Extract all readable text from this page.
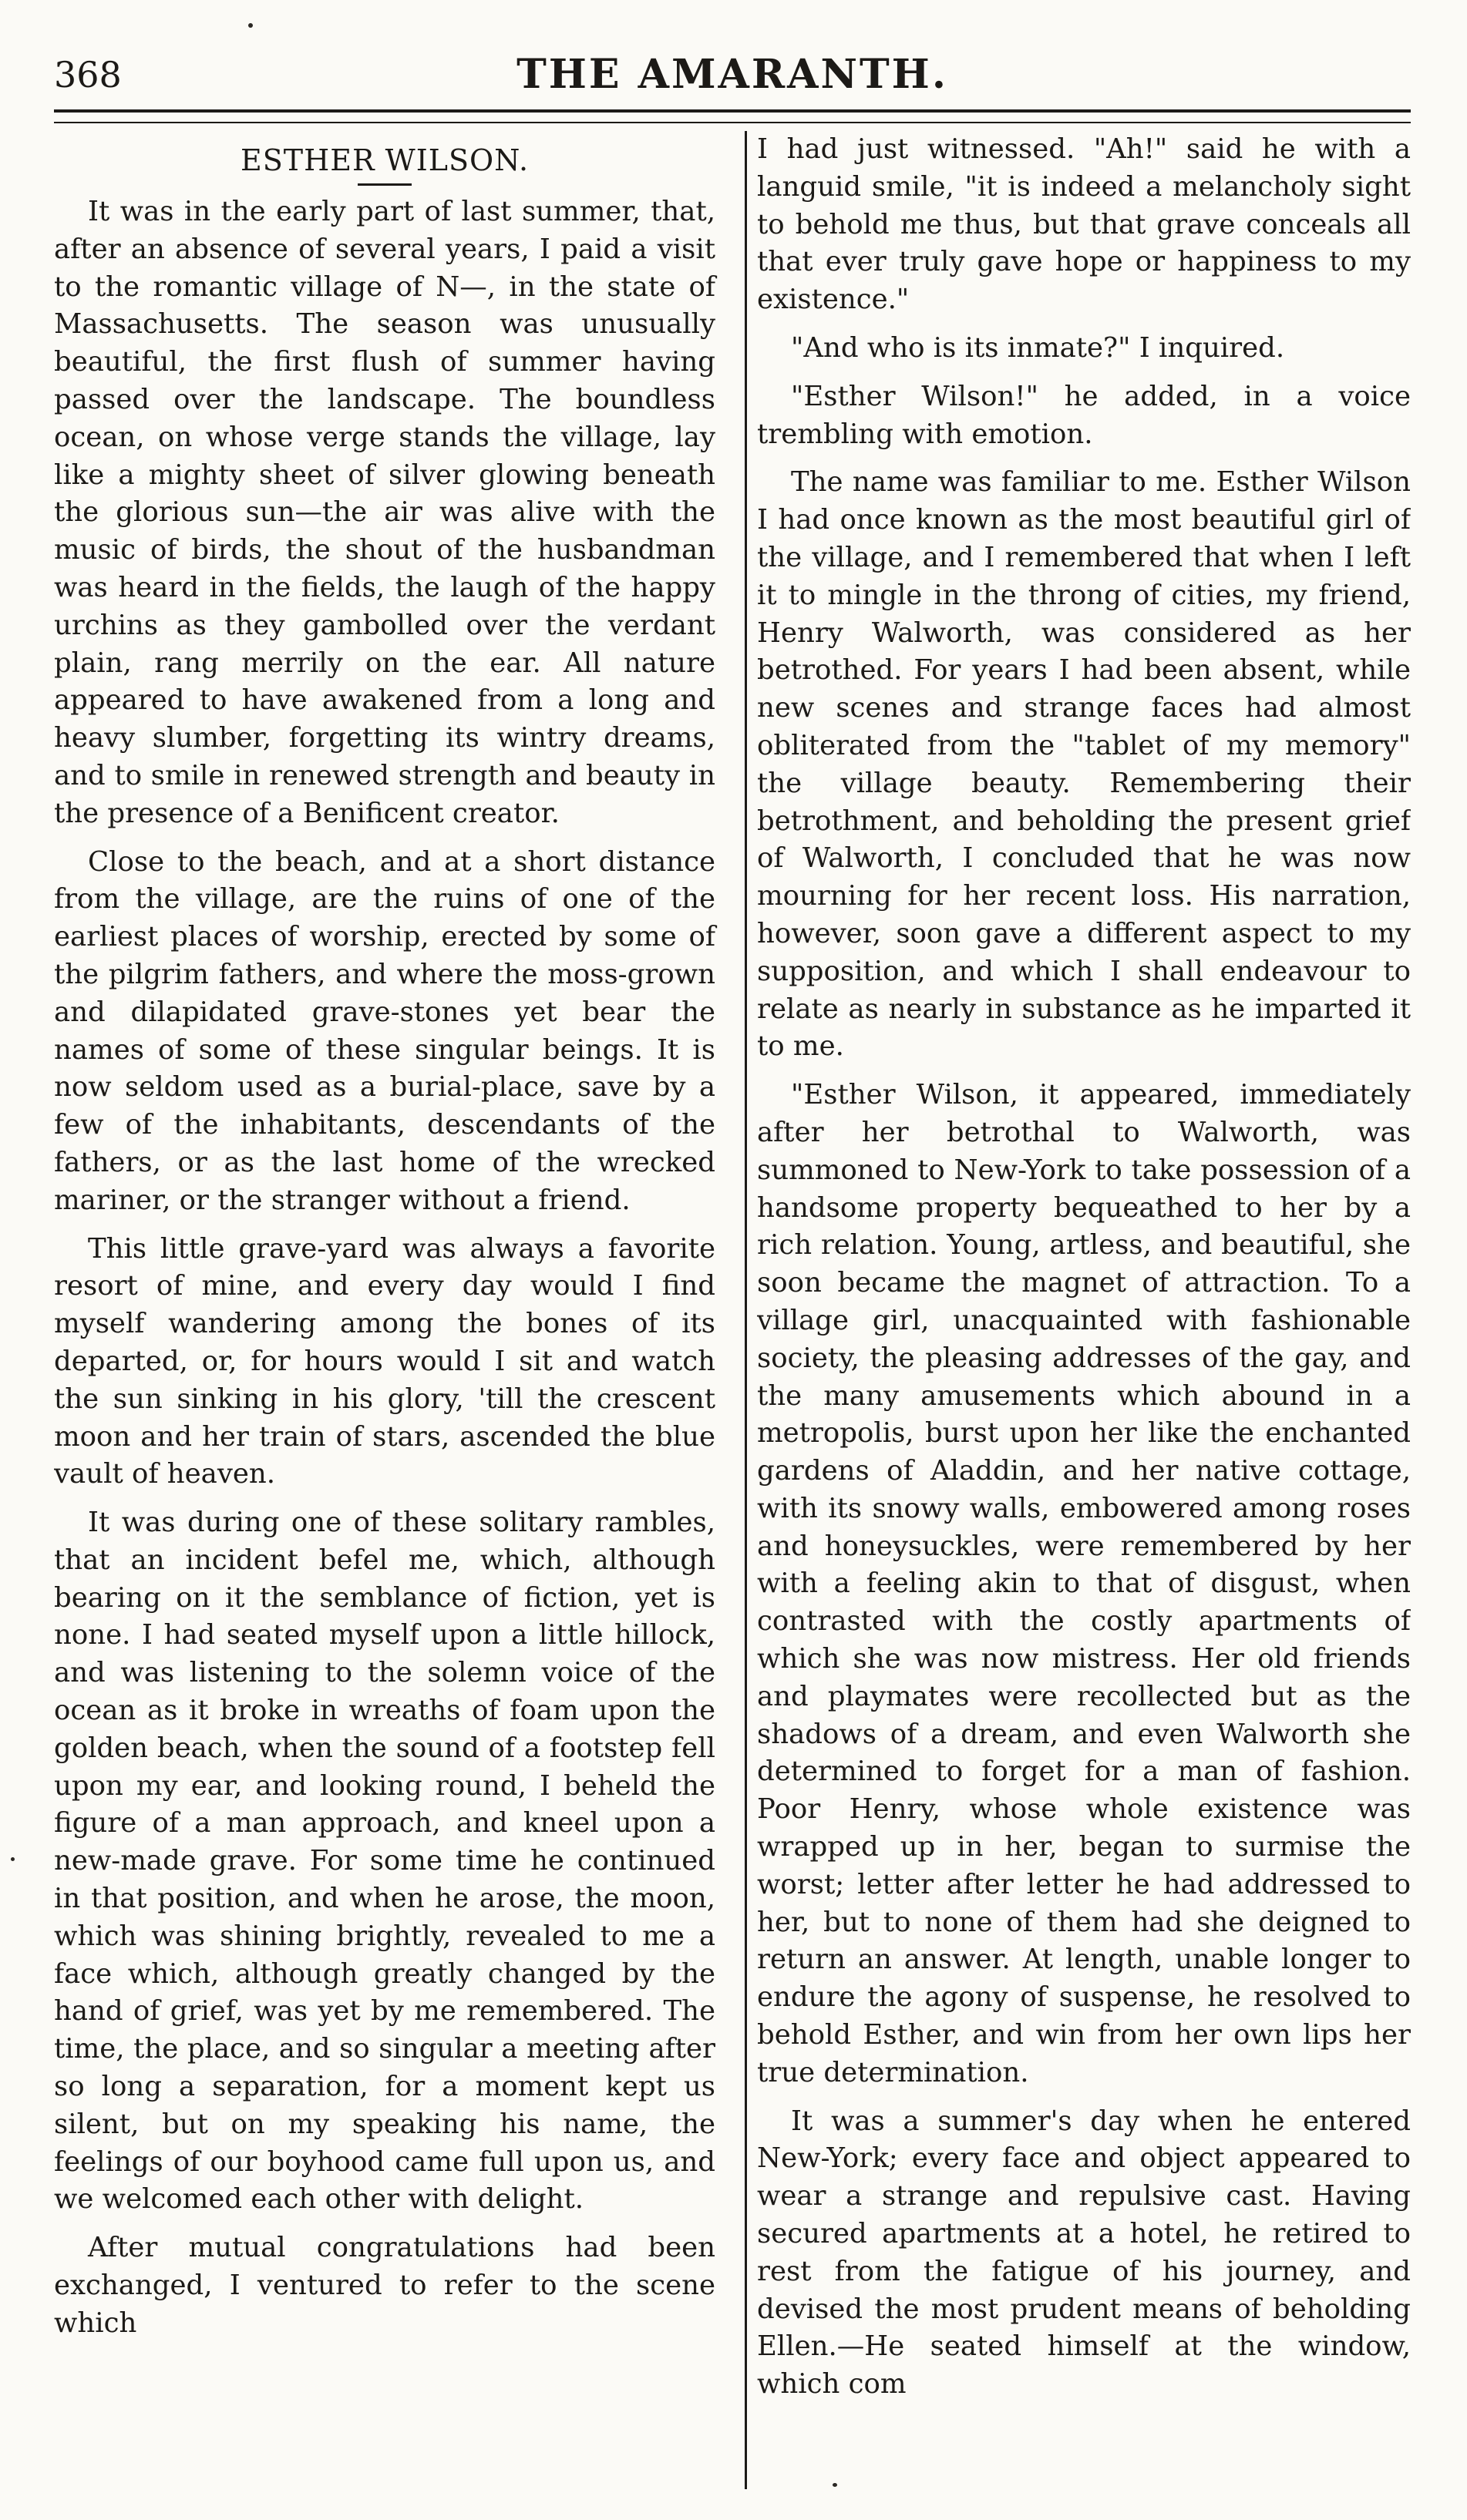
368	THE AMARANTH.
ESTHER WILSON.

It was in the early part of last summer, that, after an absence of several years, I paid a visit to the romantic village of N—, in the state of Massachusetts. The season was unusually beautiful, the first flush of summer having passed over the landscape. The boundless ocean, on whose verge stands the village, lay like a mighty sheet of silver glowing beneath the glorious sun—the air was alive with the music of birds, the shout of the husbandman was heard in the fields, the laugh of the happy urchins as they gambolled over the verdant plain, rang merrily on the ear. All nature appeared to have awakened from a long and heavy slumber, forgetting its wintry dreams, and to smile in renewed strength and beauty in the presence of a Benificent creator.

Close to the beach, and at a short distance from the village, are the ruins of one of the earliest places of worship, erected by some of the pilgrim fathers, and where the moss-grown and dilapidated grave-stones yet bear the names of some of these singular beings. It is now seldom used as a burial-place, save by a few of the inhabitants, descendants of the fathers, or as the last home of the wrecked mariner, or the stranger without a friend.

This little grave-yard was always a favorite resort of mine, and every day would I find myself wandering among the bones of its departed, or, for hours would I sit and watch the sun sinking in his glory, 'till the crescent moon and her train of stars, ascended the blue vault of heaven.

It was during one of these solitary rambles, that an incident befel me, which, although bearing on it the semblance of fiction, yet is none. I had seated myself upon a little hillock, and was listening to the solemn voice of the ocean as it broke in wreaths of foam upon the golden beach, when the sound of a footstep fell upon my ear, and looking round, I beheld the figure of a man approach, and kneel upon a new-made grave. For some time he continued in that position, and when he arose, the moon, which was shining brightly, revealed to me a face which, although greatly changed by the hand of grief, was yet by me remembered. The time, the place, and so singular a meeting after so long a separation, for a moment kept us silent, but on my speaking his name, the feelings of our boyhood came full upon us, and we welcomed each other with delight.

After mutual congratulations had been exchanged, I ventured to refer to the scene which

I had just witnessed. "Ah!" said he with a languid smile, "it is indeed a melancholy sight to behold me thus, but that grave conceals all that ever truly gave hope or happiness to my existence."

"And who is its inmate?" I inquired.

"Esther Wilson!" he added, in a voice trembling with emotion.

The name was familiar to me. Esther Wilson I had once known as the most beautiful girl of the village, and I remembered that when I left it to mingle in the throng of cities, my friend, Henry Walworth, was considered as her betrothed. For years I had been absent, while new scenes and strange faces had almost obliterated from the "tablet of my memory" the village beauty. Remembering their betrothment, and beholding the present grief of Walworth, I concluded that he was now mourning for her recent loss. His narration, however, soon gave a different aspect to my supposition, and which I shall endeavour to relate as nearly in substance as he imparted it to me.

"Esther Wilson, it appeared, immediately after her betrothal to Walworth, was summoned to New-York to take possession of a handsome property bequeathed to her by a rich relation. Young, artless, and beautiful, she soon became the magnet of attraction. To a village girl, unacquainted with fashionable society, the pleasing addresses of the gay, and the many amusements which abound in a metropolis, burst upon her like the enchanted gardens of Aladdin, and her native cottage, with its snowy walls, embowered among roses and honeysuckles, were remembered by her with a feeling akin to that of disgust, when contrasted with the costly apartments of which she was now mistress. Her old friends and playmates were recollected but as the shadows of a dream, and even Walworth she determined to forget for a man of fashion. Poor Henry, whose whole existence was wrapped up in her, began to surmise the worst; letter after letter he had addressed to her, but to none of them had she deigned to return an answer. At length, unable longer to endure the agony of suspense, he resolved to behold Esther, and win from her own lips her true determination.

It was a summer's day when he entered New-York; every face and object appeared to wear a strange and repulsive cast. Having secured apartments at a hotel, he retired to rest from the fatigue of his journey, and devised the most prudent means of beholding Ellen.—He seated himself at the window, which com
